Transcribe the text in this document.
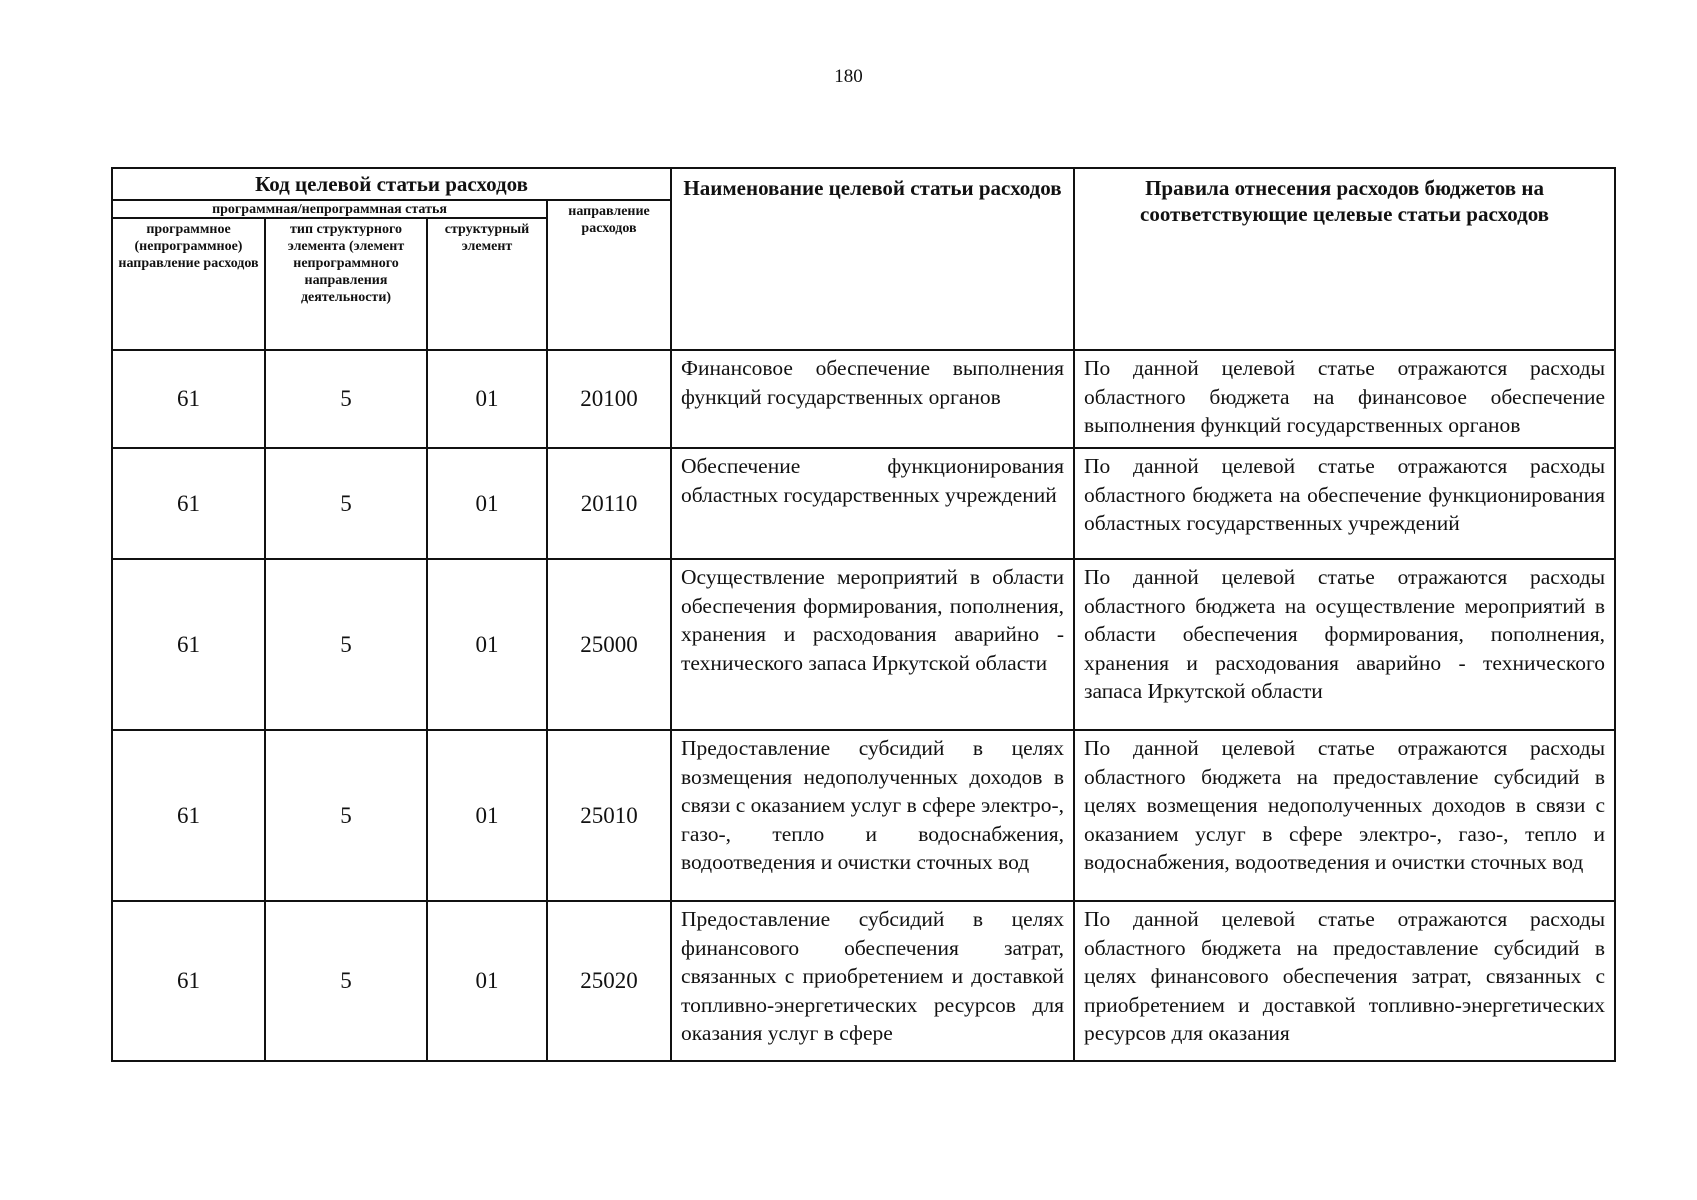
180
Код целевой статьи расходов				Наименование целевой статьи расходов	Правила отнесения расходов бюджетов на соответствующие целевые статьи расходов
программная/непрограммная статья			направление расходов		
программное (непрограммное) направление расходов	тип структурного элемента (элемент непрограммного направления деятельности)	структурный элемент			
61	5	01	20100	Финансовое обеспечение выполнения функций государственных органов	По данной целевой статье отражаются расходы областного бюджета на финансовое обеспечение выполнения функций государственных органов
61	5	01	20110	Обеспечение функционирования областных государственных учреждений	По данной целевой статье отражаются расходы областного бюджета на обеспечение функционирования областных государственных учреждений
61	5	01	25000	Осуществление мероприятий в области обеспечения формирования, пополнения, хранения и расходования аварийно - технического запаса Иркутской области	По данной целевой статье отражаются расходы областного бюджета на осуществление мероприятий в области обеспечения формирования, пополнения, хранения и расходования аварийно - технического запаса Иркутской области
61	5	01	25010	Предоставление субсидий в целях возмещения недополученных доходов в связи с оказанием услуг в сфере электро-, газо-, тепло и водоснабжения, водоотведения и очистки сточных вод	По данной целевой статье отражаются расходы областного бюджета на предоставление субсидий в целях возмещения недополученных доходов в связи с оказанием услуг в сфере электро-, газо-, тепло и водоснабжения, водоотведения и очистки сточных вод
61	5	01	25020	Предоставление субсидий в целях финансового обеспечения затрат, связанных с приобретением и доставкой топливно-энергетических ресурсов для оказания услуг в сфере	По данной целевой статье отражаются расходы областного бюджета на предоставление субсидий в целях финансового обеспечения затрат, связанных с приобретением и доставкой топливно-энергетических ресурсов для оказания
